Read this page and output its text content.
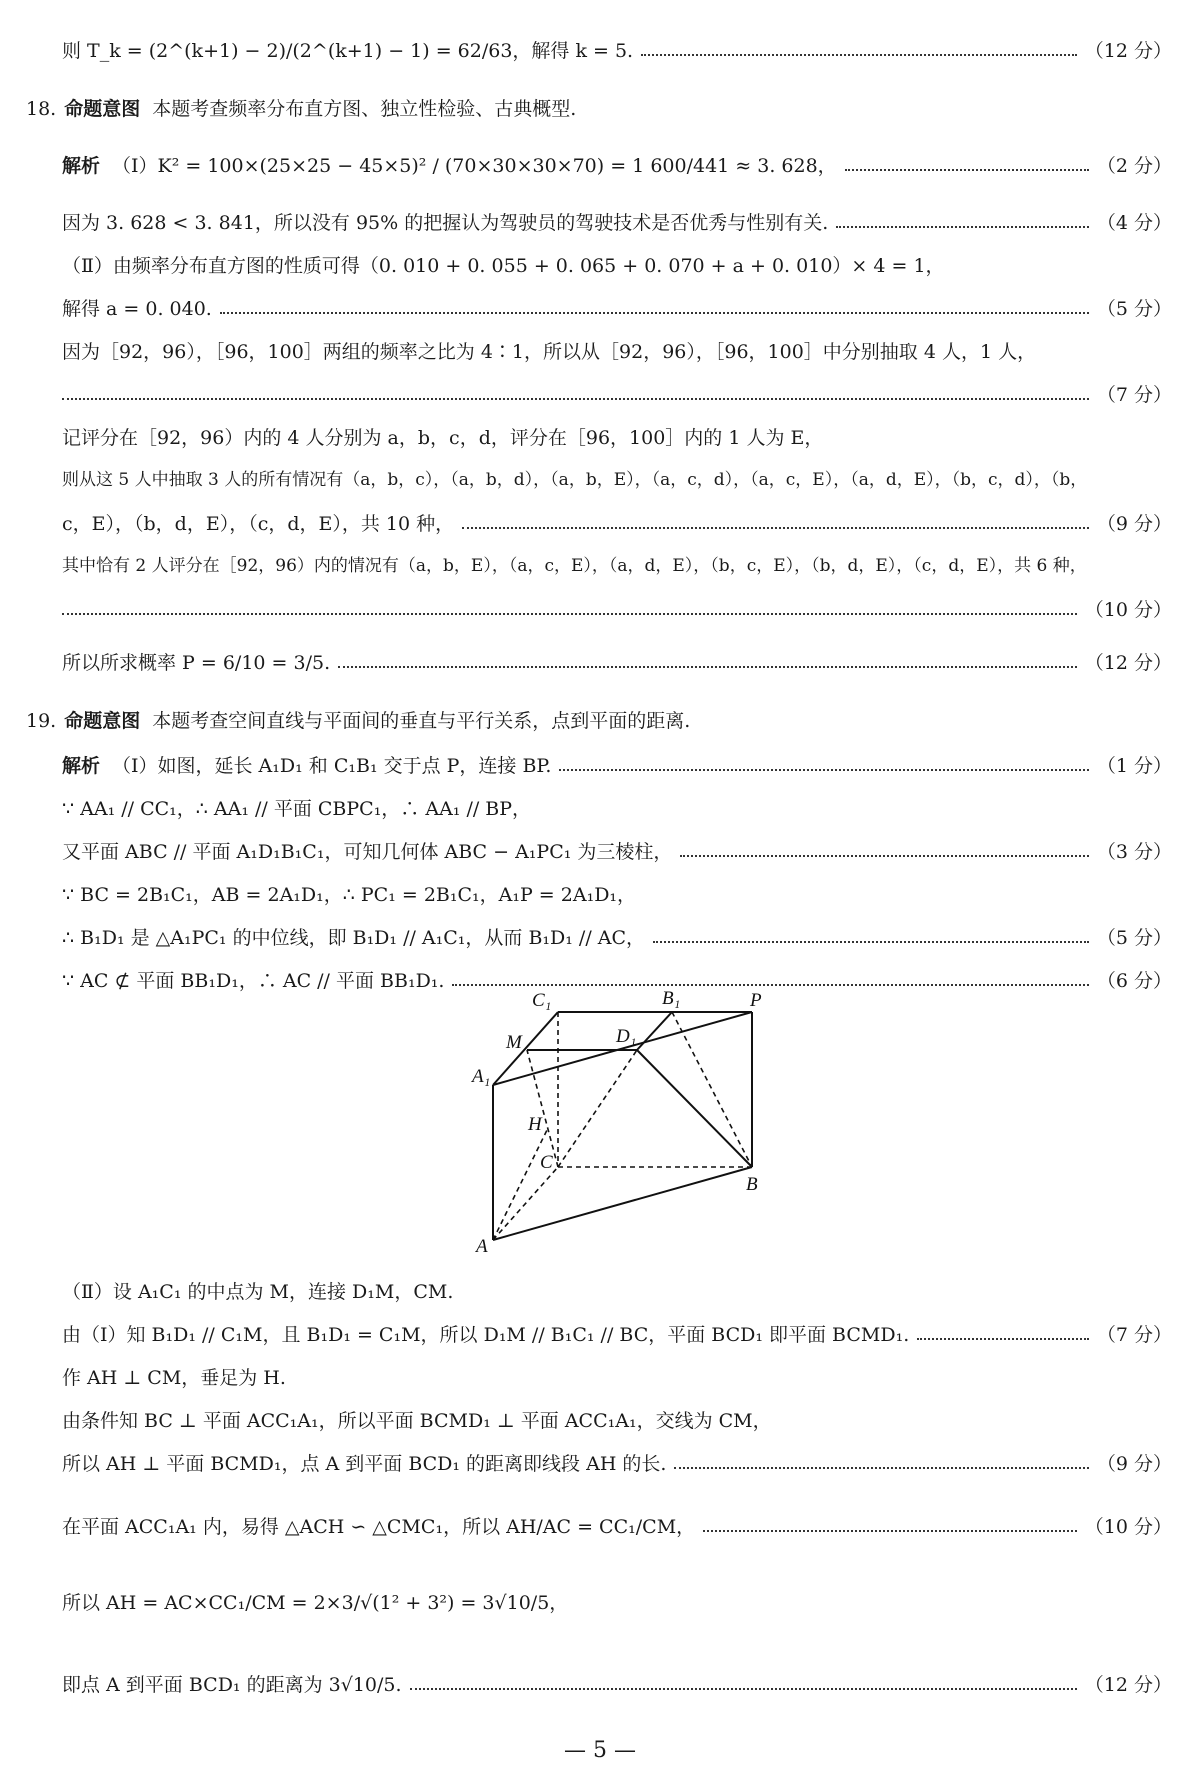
则 T_k = (2^(k+1) − 2)/(2^(k+1) − 1) = 62/63，解得 k = 5.	（12 分）
18. 命题意图 本题考查频率分布直方图、独立性检验、古典概型.
解析 （Ⅰ）K² = 100×(25×25 − 45×5)² / (70×30×30×70) = 1 600/441 ≈ 3. 628，	（2 分）
因为 3. 628 < 3. 841，所以没有 95% 的把握认为驾驶员的驾驶技术是否优秀与性别有关.	（4 分）
（Ⅱ）由频率分布直方图的性质可得（0. 010 + 0. 055 + 0. 065 + 0. 070 + a + 0. 010）× 4 = 1，
解得 a = 0. 040.	（5 分）
因为［92，96），［96，100］两组的频率之比为 4∶1，所以从［92，96），［96，100］中分别抽取 4 人，1 人，
（7 分）
记评分在［92，96）内的 4 人分别为 a，b，c，d，评分在［96，100］内的 1 人为 E，
则从这 5 人中抽取 3 人的所有情况有（a，b，c），（a，b，d），（a，b，E），（a，c，d），（a，c，E），（a，d，E），（b，c，d），（b，
c，E），（b，d，E），（c，d，E），共 10 种，	（9 分）
其中恰有 2 人评分在［92，96）内的情况有（a，b，E），（a，c，E），（a，d，E），（b，c，E），（b，d，E），（c，d，E），共 6 种，
（10 分）
所以所求概率 P = 6/10 = 3/5.	（12 分）
19. 命题意图 本题考查空间直线与平面间的垂直与平行关系，点到平面的距离.
解析 （Ⅰ）如图，延长 A₁D₁ 和 C₁B₁ 交于点 P，连接 BP.	（1 分）
∵ AA₁ // CC₁，∴ AA₁ // 平面 CBPC₁，∴ AA₁ // BP，
又平面 ABC // 平面 A₁D₁B₁C₁，可知几何体 ABC − A₁PC₁ 为三棱柱，	（3 分）
∵ BC = 2B₁C₁，AB = 2A₁D₁，∴ PC₁ = 2B₁C₁，A₁P = 2A₁D₁，
∴ B₁D₁ 是 △A₁PC₁ 的中位线，即 B₁D₁ // A₁C₁，从而 B₁D₁ // AC，	（5 分）
∵ AC ⊄ 平面 BB₁D₁，∴ AC // 平面 BB₁D₁.	（6 分）
C₁	B₁	P
M	D₁
A₁
H
C
B
A
（Ⅱ）设 A₁C₁ 的中点为 M，连接 D₁M，CM.
由（Ⅰ）知 B₁D₁ // C₁M，且 B₁D₁ = C₁M，所以 D₁M // B₁C₁ // BC，平面 BCD₁ 即平面 BCMD₁.	（7 分）
作 AH ⊥ CM，垂足为 H.
由条件知 BC ⊥ 平面 ACC₁A₁，所以平面 BCMD₁ ⊥ 平面 ACC₁A₁，交线为 CM，
所以 AH ⊥ 平面 BCMD₁，点 A 到平面 BCD₁ 的距离即线段 AH 的长.	（9 分）
在平面 ACC₁A₁ 内，易得 △ACH ∽ △CMC₁，所以 AH/AC = CC₁/CM，	（10 分）
所以 AH = AC×CC₁/CM = 2×3/√(1² + 3²) = 3√10/5，
即点 A 到平面 BCD₁ 的距离为 3√10/5.	（12 分）
— 5 —
